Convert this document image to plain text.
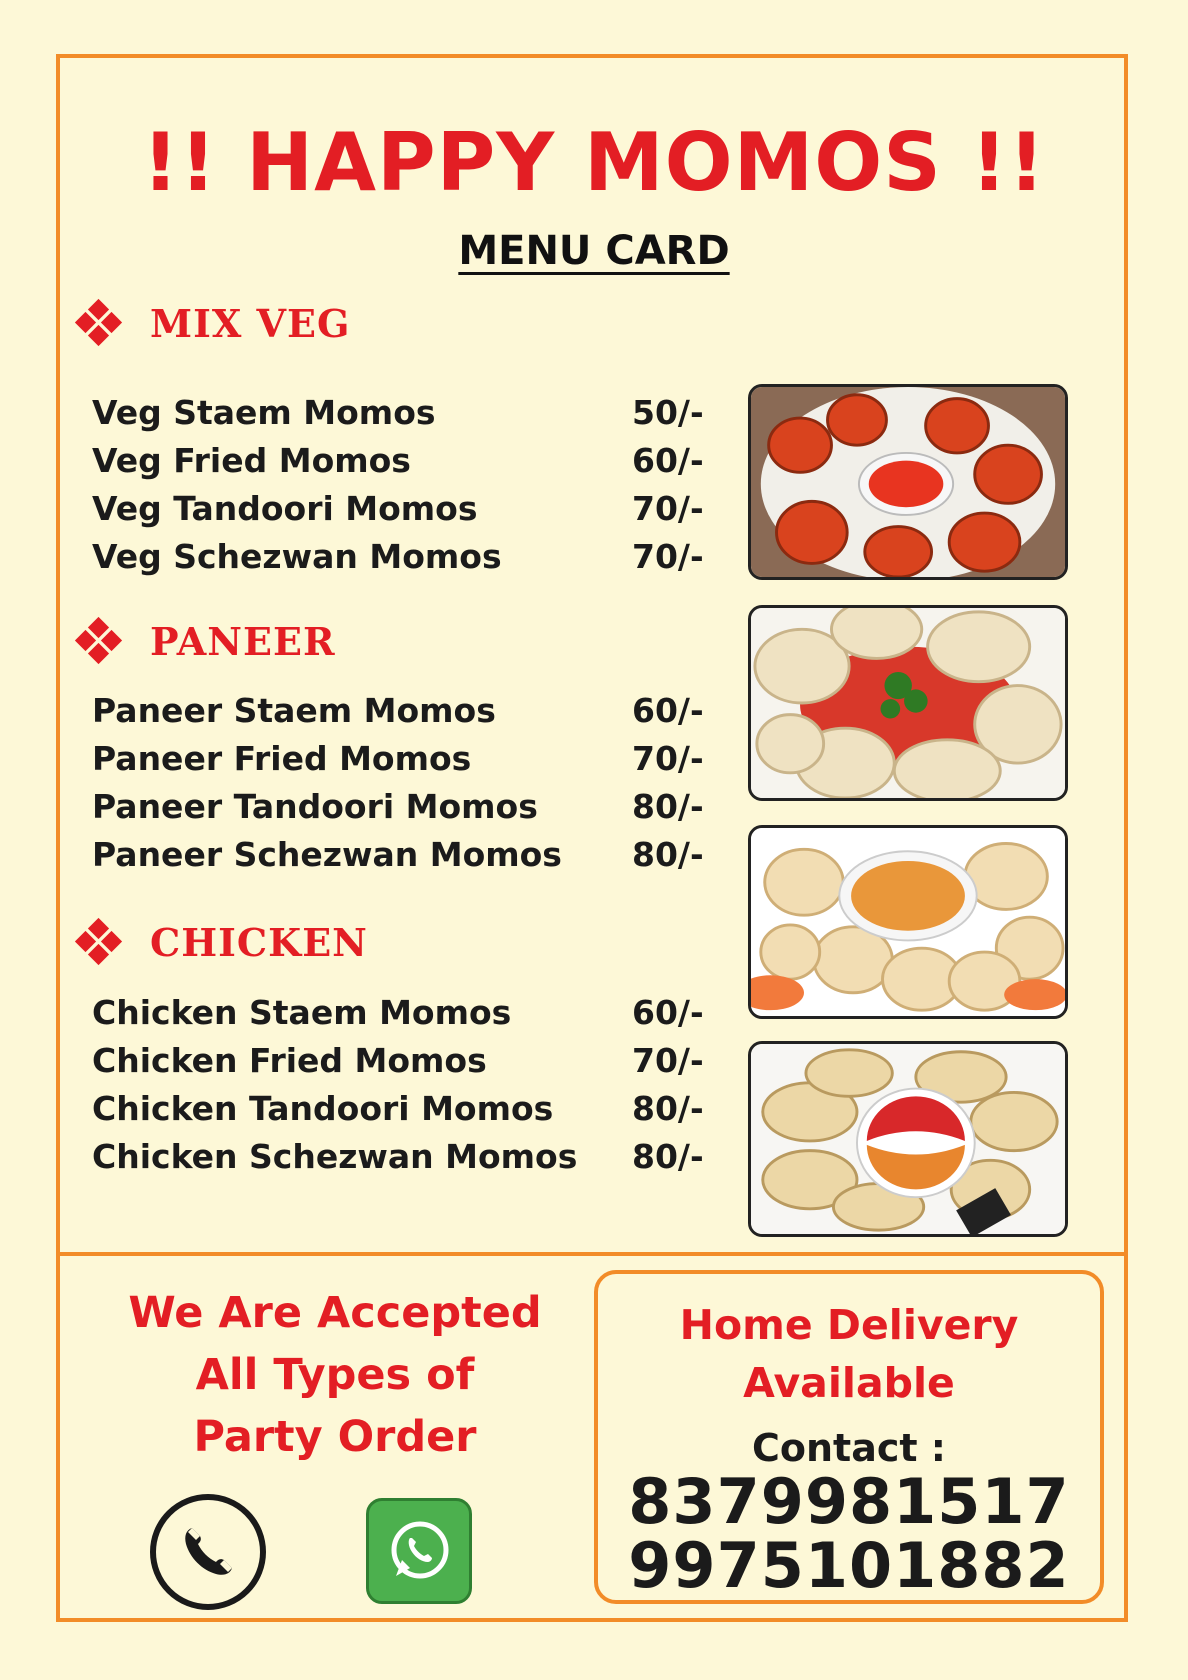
!! HAPPY MOMOS !!
MENU CARD
MIX VEG
Veg Staem Momos	50/-
Veg Fried Momos	60/-
Veg Tandoori Momos	70/-
Veg Schezwan Momos	70/-
PANEER
Paneer Staem Momos	60/-
Paneer Fried Momos	70/-
Paneer Tandoori Momos	80/-
Paneer Schezwan Momos 80/-
CHICKEN
Chicken Staem Momos	60/-
Chicken Fried Momos	70/-
Chicken Tandoori Momos 80/-
Chicken Schezwan Momos 80/-
We Are Accepted
All Types of
Party Order
Home Delivery
Available
Contact :
8379981517
9975101882
